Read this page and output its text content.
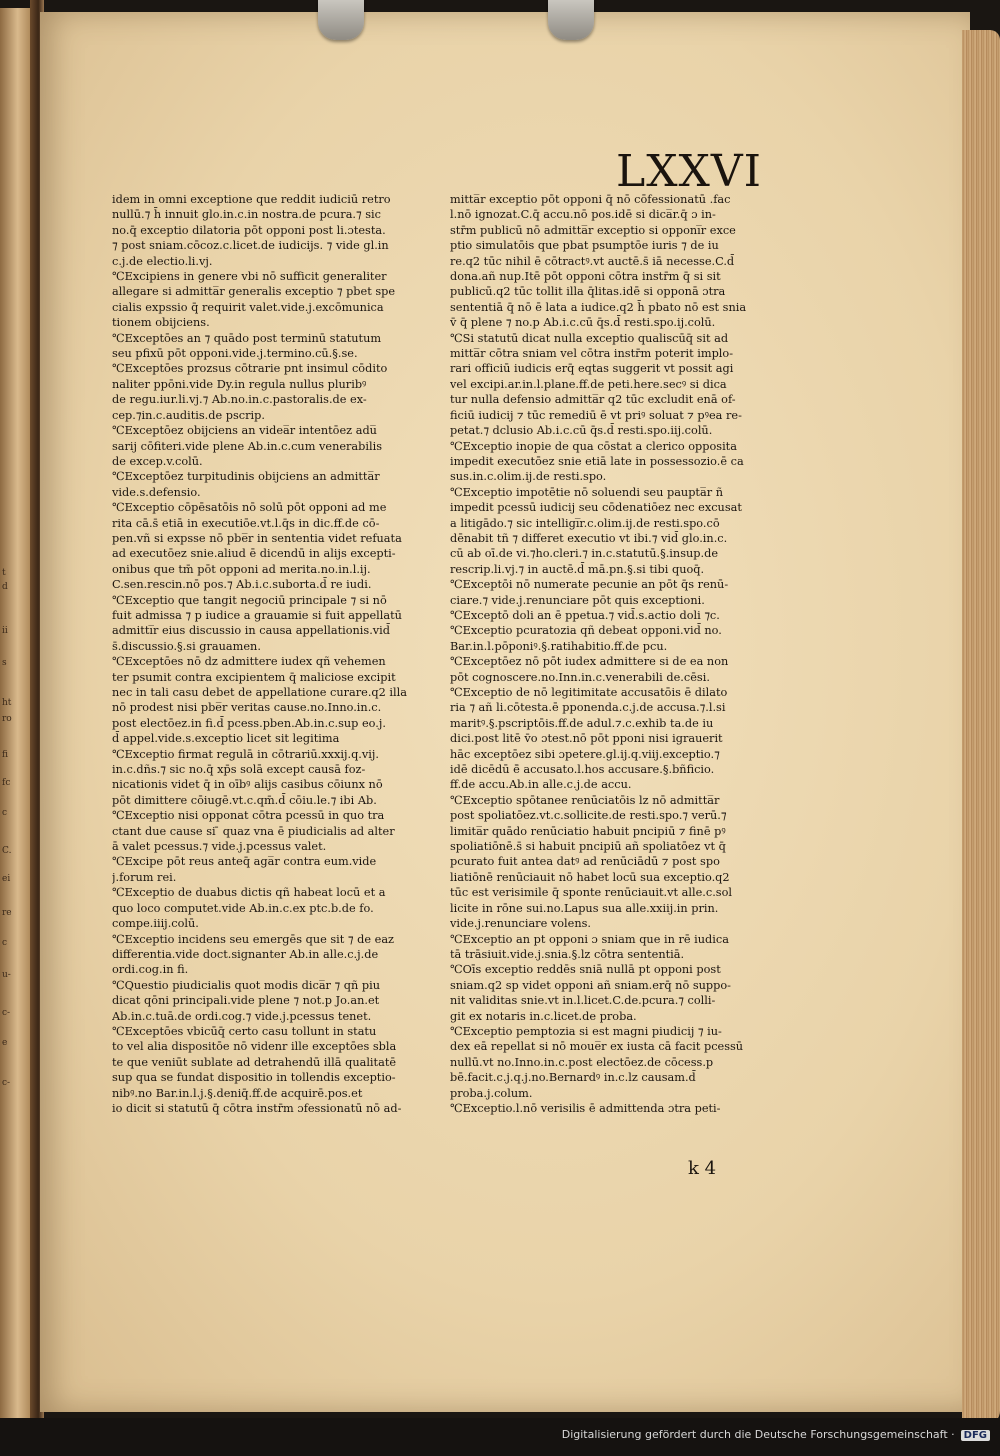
t
d
ii
s
ht
ro
fi
fc
c
C.
ei
re
c
u-
c-
e
c-
LXXVI
idem in omni exceptione que reddit iudiciū retro
nullū.⁊ h̄ innuit glo.in.c.in nostra.de pcura.⁊ sic
no.q̄ exceptio dilatoria pōt opponi post li.ɔtesta.
⁊ post sniam.cōcoz.c.licet.de iudicijs. ⁊ vide gl.in
c.j.de electio.li.vj.
℃Excipiens in genere vbi nō sufficit generaliter
allegare si admitta̅r generalis exceptio ⁊ pbet spe
cialis expssio q̄ requirit valet.vide.j.excōmunica
tionem obijciens.
℃Exceptōes an ⁊ quādo post terminū statutum
seu pfixū pōt opponi.vide.j.termino.cū.§.se.
℃Exceptōes prozsus cōtrarie pnt insimul cōdito
naliter ppōni.vide Dy.in regula nullus pluribꝰ
de regu.iur.li.vj.⁊ Ab.no.in.c.pastoralis.de ex-
cep.⁊in.c.auditis.de pscrip.
℃Exceptōez obijciens an videa̅r intentōez adu̅
sarij cōfiteri.vide plene Ab.in.c.cum venerabilis
de excep.v.colū.
℃Exceptōez turpitudinis obijciens an admitta̅r
vide.s.defensio.
℃Exceptio cōpēsatōis nō solū pōt opponi ad me
rita cā.s̄ etiā in executiōe.vt.l.q̄s in dic.ff.de cō-
pen.vñ si expsse nō pbe̅r in sententia videt refuata
ad executōez snie.aliud ē dicendū in alijs excepti-
onibus que tm̄ pōt opponi ad merita.no.in.l.ij.
C.sen.rescin.nō pos.⁊ Ab.i.c.suborta.d̄ re iudi.
℃Exceptio que tangit negociū principale ⁊ si nō
fuit admissa ⁊ p iudice a grauamie si fuit appellatū
admitti̅r eius discussio in causa appellationis.vid̄
s̄.discussio.§.si grauamen.
℃Exceptōes nō dz admittere iudex qñ vehemen
ter psumit contra excipientem q̄ maliciose excipit
nec in tali casu debet de appellatione curare.q2 illa
nō prodest nisi pbe̅r veritas cause.no.Inno.in.c.
post electōez.in fi.d̄ pcess.pben.Ab.in.c.sup eo.j.
d̄ appel.vide.s.exceptio licet sit legitima
℃Exceptio firmat regulā in cōtrariū.xxxij.q.vij.
in.c.dñs.⁊ sic no.q̄ xp̄s solā except causā foz-
nicationis videt q̄ in oībꝰ alijs casibus cōiunx nō
pōt dimittere cōiugē.vt.c.qm̄.d̄ cōiu.le.⁊ ibi Ab.
℃Exceptio nisi opponat cōtra pcessū in quo tra
ctant due cause si ̄ quaz vna ē piudicialis ad alter
ā valet pcessus.⁊ vide.j.pcessus valet.
℃Excipe pōt reus anteq̄ aga̅r contra eum.vide
j.forum rei.
℃Exceptio de duabus dictis qñ habeat locū et a
quo loco computet.vide Ab.in.c.ex ptc.b.de fo.
compe.iiij.colū.
℃Exceptio incidens seu emergēs que sit ⁊ de eaz
differentia.vide doct.signanter Ab.in alle.c.j.de
ordi.cog.in fi.
℃Questio piudicialis quot modis dica̅r ⁊ qñ piu
dicat qōni principali.vide plene ⁊ not.p Jo.an.et
Ab.in.c.tuā.de ordi.cog.⁊ vide.j.pcessus tenet.
℃Exceptōes vbicūq̄ certo casu tollunt in statu
to vel alia dispositōe nō videnr ille exceptōes sbla
te que veniūt sublate ad detrahendū illā qualitatē
sup qua se fundat dispositio in tollendis exceptio-
nibꝰ.no Bar.in.l.j.§.deniq̄.ff.de acquirē.pos.et
io dicit si statutū q̄ cōtra instr̄m ɔfessionatū nō ad-
mitta̅r exceptio pōt opponi q̄ nō cōfessionatū .fac
l.nō ignozat.C.q̄ accu.nō pos.idē si dica̅r.q̄ ɔ in-
str̄m publicū nō admitta̅r exceptio si opponi̅r exce
ptio simulatōis que pbat psumptōe iuris ⁊ de iu
re.q2 tūc nihil ē cōtractꝰ.vt auctē.s̄ iā necesse.C.d̄
dona.añ nup.Itē pōt opponi cōtra instr̄m q̄ si sit
publicū.q2 tūc tollit illa q̄litas.idē si opponā ɔtra
sententiā q̄ nō ē lata a iudice.q2 h̄ pbato nō est snia
v̄ q̄ plene ⁊ no.p Ab.i.c.cū q̄s.d̄ resti.spo.ij.colū.
℃Si statutū dicat nulla exceptio qualiscūq̄ sit ad
mitta̅r cōtra sniam vel cōtra instr̄m poterit implo-
rari officiū iudicis erq̄ eqtas suggerit vt possit agi
vel excipi.ar.in.l.plane.ff.de peti.here.secꝰ si dica
tur nulla defensio admitta̅r q2 tūc excludit enā of-
ficiū iudicij ⁊ tūc remediū ē vt priꝰ soluat ⁊ pꝰea re-
petat.⁊ dclusio Ab.i.c.cū q̄s.d̄ resti.spo.iij.colū.
℃Exceptio inopie de qua cōstat a clerico opposita
impedit executōez snie etiā late in possessozio.ē ca
sus.in.c.olim.ij.de resti.spo.
℃Exceptio impotētie nō soluendi seu paupta̅r ñ
impedit pcessū iudicij seu cōdenatiōez nec excusat
a litigādo.⁊ sic intelligi̅r.c.olim.ij.de resti.spo.cō
dēnabit tñ ⁊ differet executio vt ibi.⁊ vid̄ glo.in.c.
cū ab oī.de vi.⁊ho.cleri.⁊ in.c.statutū.§.insup.de
rescrip.li.vj.⁊ in auctē.d̄ mā.pn.§.si tibi quoq̄.
℃Exceptōi nō numerate pecunie an pōt q̄s renū-
ciare.⁊ vide.j.renunciare pōt quis exceptioni.
℃Exceptō doli an ē ppetua.⁊ vid̄.s.actio doli ⁊c.
℃Exceptio pcuratozia qñ debeat opponi.vid̄ no.
Bar.in.l.pōponiꝰ.§.ratihabitio.ff.de pcu.
℃Exceptōez nō pōt iudex admittere si de ea non
pōt cognoscere.no.Inn.in.c.venerabili de.cēsi.
℃Exceptio de nō legitimitate accusatōis ē dilato
ria ⁊ añ li.cōtesta.ē pponenda.c.j.de accusa.⁊.l.si
maritꝰ.§.pscriptōis.ff.de adul.⁊.c.exhib ta.de iu
dici.post litē v̄o ɔtest.nō pōt pponi nisi igrauerit
hāc exceptōez sibi ɔpetere.gl.ij.q.viij.exceptio.⁊
idē dicēdū ē̄ accusato.l.hos accusare.§.bñficio.
ff.de accu.Ab.in alle.c.j.de accu.
℃Exceptio spōtanee renūciatōis lz nō admitta̅r
post spoliatōez.vt.c.sollicite.de resti.spo.⁊ verū.⁊
limita̅r quādo renūciatio habuit pncipiū ⁊ finē pꝰ
spoliatiōnē.s̄ si habuit pncipiū añ spoliatōez vt q̄
pcurato fuit antea datꝰ ad renūciādū ⁊ post spo
liatiōnē renūciauit nō habet locū sua exceptio.q2
tūc est verisimile q̄ sponte renūciauit.vt alle.c.sol
licite in rōne sui.no.Lapus sua alle.xxiij.in prin.
vide.j.renunciare volens.
℃Exceptio an pt opponi ɔ sniam que in rē iudica
tā trāsiuit.vide.j.snia.§.lz cōtra sententiā.
℃Oīs exceptio reddēs sniā nullā pt opponi post
sniam.q2 sp videt opponi añ sniam.erq̄ nō suppo-
nit validitas snie.vt in.l.licet.C.de.pcura.⁊ colli-
git ex notaris in.c.licet.de proba.
℃Exceptio pemptozia si est magni piudicij ⁊ iu-
dex eā repellat si nō moue̅r ex iusta cā facit pcessū
nullū.vt no.Inno.in.c.post electōez.de cōcess.p
bē.facit.c.j.q.j.no.Bernardꝰ in.c.lz causam.d̄
proba.j.colum.
℃Exceptio.l.nō verisilis ē admittenda ɔtra peti-
k 4
Digitalisierung gefördert durch die Deutsche Forschungsgemeinschaft · DFG
